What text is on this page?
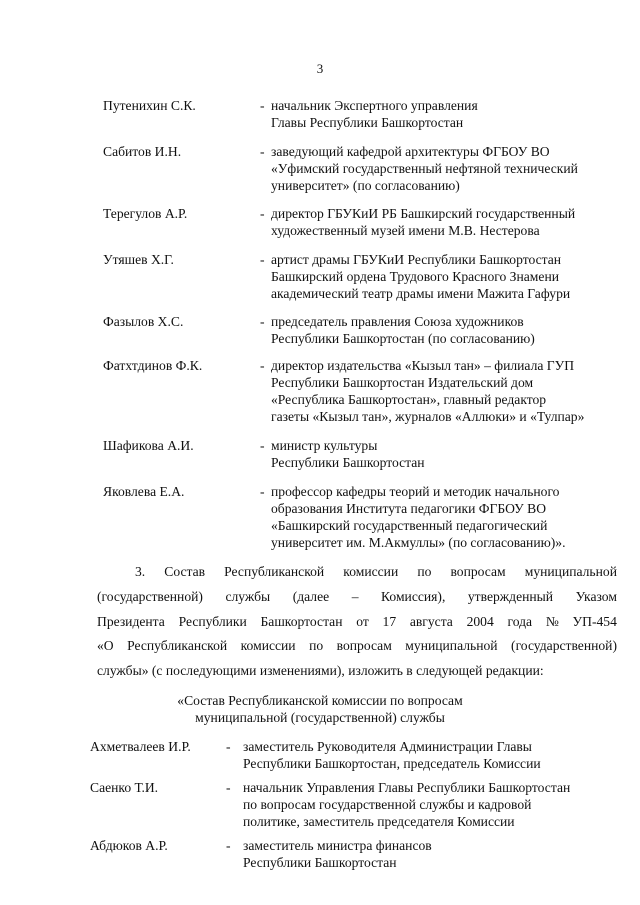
3
Путенихин С.К.	- начальник Экспертного управления
Главы Республики Башкортостан
Сабитов И.Н.	- заведующий кафедрой архитектуры ФГБОУ ВО
«Уфимский государственный нефтяной технический
университет» (по согласованию)
Терегулов А.Р.	- директор ГБУКиИ РБ Башкирский государственный
художественный музей имени М.В. Нестерова
Утяшев Х.Г.	- артист драмы ГБУКиИ Республики Башкортостан
Башкирский ордена Трудового Красного Знамени
академический театр драмы имени Мажита Гафури
Фазылов Х.С.	- председатель правления Союза художников
Республики Башкортостан (по согласованию)
Фатхтдинов Ф.К.	- директор издательства «Кызыл тан» – филиала ГУП
Республики Башкортостан Издательский дом
«Республика Башкортостан», главный редактор
газеты «Кызыл тан», журналов «Аллюки» и «Тулпар»
Шафикова А.И.	- министр культуры
Республики Башкортостан
Яковлева Е.А.	- профессор кафедры теорий и методик начального
образования Института педагогики ФГБОУ ВО
«Башкирский государственный педагогический
университет им. М.Акмуллы» (по согласованию)».
3. Состав Республиканской комиссии по вопросам муниципальной
(государственной) службы (далее – Комиссия), утвержденный Указом
Президента Республики Башкортостан от 17 августа 2004 года № УП-454
«О Республиканской комиссии по вопросам муниципальной (государственной)
службы» (с последующими изменениями), изложить в следующей редакции:
«Состав Республиканской комиссии по вопросам
муниципальной (государственной) службы
Ахметвалеев И.Р.	- заместитель Руководителя Администрации Главы
Республики Башкортостан, председатель Комиссии
Саенко Т.И.	- начальник Управления Главы Республики Башкортостан
по вопросам государственной службы и кадровой
политике, заместитель председателя Комиссии
Абдюков А.Р.	- заместитель министра финансов
Республики Башкортостан
